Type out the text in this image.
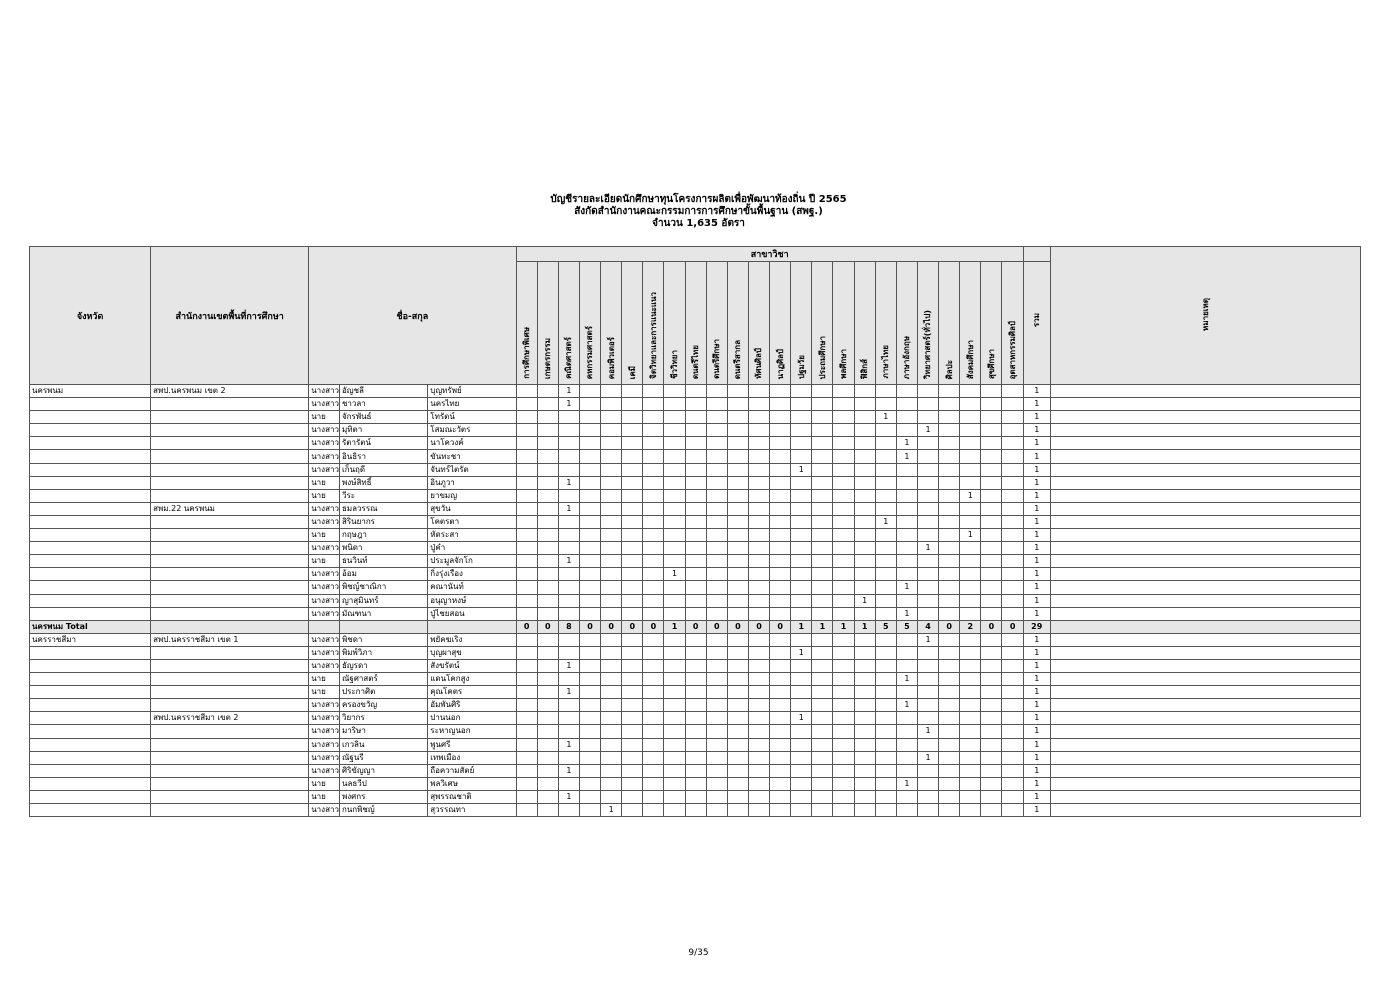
บัญชีรายละเอียดนักศึกษาทุนโครงการผลิตเพื่อพัฒนาท้องถิ่น ปี 2565
สังกัดสำนักงานคณะกรรมการการศึกษาขั้นพื้นฐาน (สพฐ.)
จำนวน 1,635 อัตรา
จังหวัด	สำนักงานเขตพื้นที่การศึกษา	ชื่อ-สกุล			สาขาวิชา																									หมายเหตุ
					การศึกษาพิเศษ	เกษตรกรรม	คณิตศาสตร์	คหกรรมศาสตร์	คอมพิวเตอร์	เคมี	จิตวิทยาและการแนะแนว	ชีววิทยา	ดนตรีไทย	ดนตรีศึกษา	ดนตรีสากล	ทัศนศิลป์	นาฏศิลป์	ปฐมวัย	ประถมศึกษา	พลศึกษา	ฟิสิกส์	ภาษาไทย	ภาษาอังกฤษ	วิทยาศาสตร์(ทั่วไป)	ศิลปะ	สังคมศึกษา	สุขศึกษา	อุตสาหกรรมศิลป์	รวม	
นครพนม	สพป.นครพนม เขต 2	นางสาว	อัญชลี	บุญทรัพย์			1																						1	
		นางสาว	ชาวลา	นครไทย			1																						1	
		นาย	จักรพันธ์	โทรัตน์																		1							1	
		นางสาว	มุทิตา	โสมณะวัตร																				1					1	
		นางสาว	รัตารัตน์	นาโควงค์																			1						1	
		นางสาว	อินธิรา	ขันทะชา																			1						1	
		นางสาว	เก็นฤดี	จันทร์ไตรัต														1											1	
		นาย	พงษ์สิทธิ์	อินภูวา			1																						1	
		นาย	วีระ	ยาขมญ																						1			1	
	สพม.22 นครพนม	นางสาว	ธมลวรรณ	สุขวัน			1																						1	
		นางสาว	สิรินยากร	โคตรตา																		1							1	
		นาย	กฤษฎา	หัดระสา																						1			1	
		นางสาว	พนิดา	ปู่คำ																				1					1	
		นาย	ธนวินท์	ประมูลจักโก			1																						1	
		นางสาว	อ้อม	กิ่งรุ่งเรือง								1																	1	
		นางสาว	พิชญ์ชาณิกา	คณานันท์																			1						1	
		นางสาว	ญาสุมินทร์	อนุญาหงษ์																	1								1	
		นางสาว	มัณฑนา	ปู่ไชยสอน																			1						1	
นครพนม Total					0	0	8	0	0	0	0	1	0	0	0	0	0	1	1	1	1	5	5	4	0	2	0	0	29	
นครราชสีมา	สพป.นครราชสีมา เขต 1	นางสาว	พิชดา	พยัคฆเริง																				1					1	
		นางสาว	พิมพ์วิภา	บุญผาสุข														1											1	
		นางสาว	ธัญรดา	สังขรัตน์			1																						1	
		นาย	ณัฐศาสตร์	แดนโคกสูง																			1						1	
		นาย	ประกาศิต	คุณโคตร			1																						1	
		นางสาว	ครองขวัญ	อัมพันศิริ																			1						1	
	สพป.นครราชสีมา เขต 2	นางสาว	วิยากร	ปานนอก														1											1	
		นางสาว	มาริษา	ระหาญนอก																				1					1	
		นางสาว	เกวลิน	พูนศรี			1																						1	
		นางสาว	ณัฐนรี	เทพเมือง																				1					1	
		นางสาว	ศิริขัญญา	ถือความสัตย์			1																						1	
		นาย	นลธวีป	พลวิเศษ																			1						1	
		นาย	พงศกร	สุพรรณชาติ			1																						1	
		นางสาว	กนกพิชญ์	สุวรรณทา					1																				1	
9/35
